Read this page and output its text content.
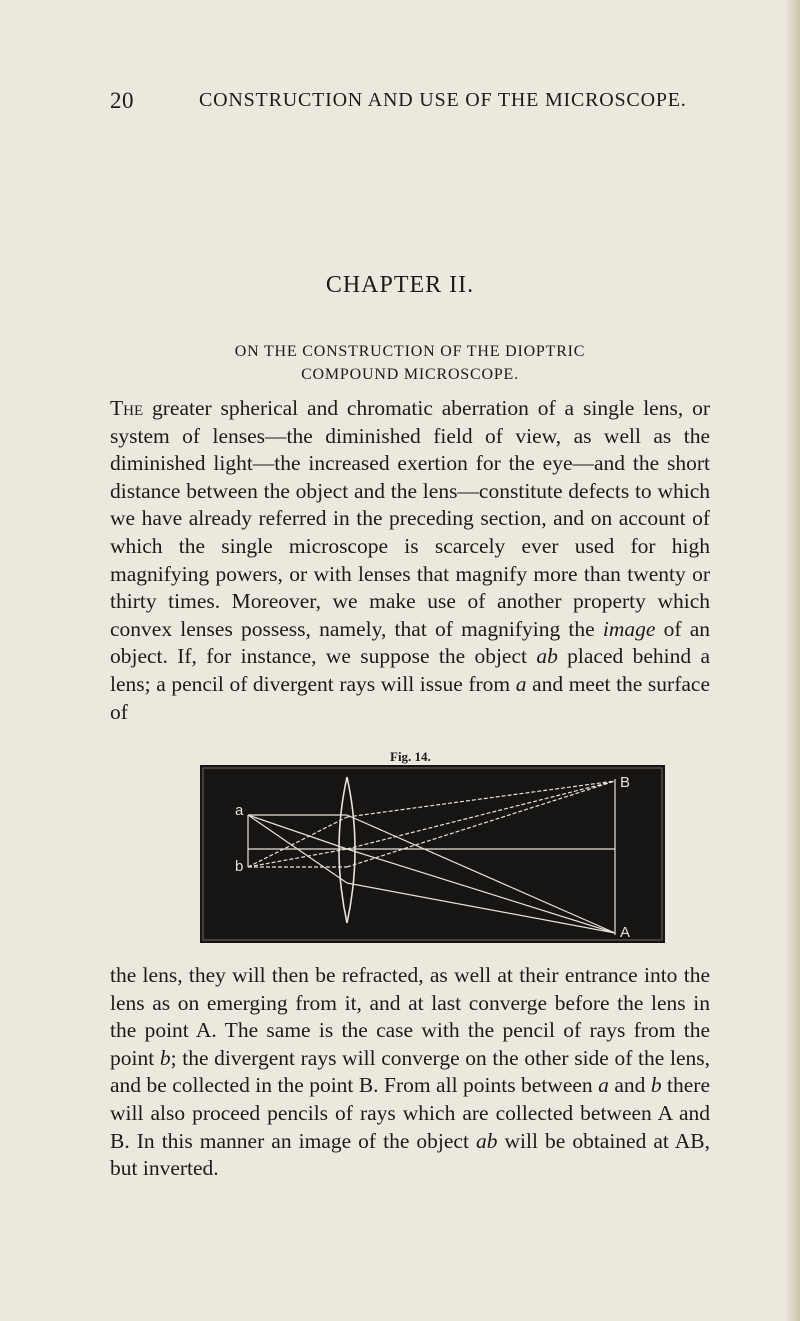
20	CONSTRUCTION AND USE OF THE MICROSCOPE.
CHAPTER II.
ON THE CONSTRUCTION OF THE DIOPTRIC COMPOUND MICROSCOPE.

The greater spherical and chromatic aberration of a single lens, or system of lenses—the diminished field of view, as well as the diminished light—the increased exertion for the eye—and the short distance between the object and the lens—constitute defects to which we have already referred in the preceding section, and on account of which the single microscope is scarcely ever used for high magnifying powers, or with lenses that magnify more than twenty or thirty times. Moreover, we make use of another property which convex lenses possess, namely, that of magnifying the image of an object. If, for instance, we suppose the object ab placed behind a lens; a pencil of divergent rays will issue from a and meet the surface of

Fig. 14.
a
b
B
A

the lens, they will then be refracted, as well at their entrance into the lens as on emerging from it, and at last converge before the lens in the point A. The same is the case with the pencil of rays from the point b; the divergent rays will converge on the other side of the lens, and be collected in the point B. From all points between a and b there will also proceed pencils of rays which are collected between A and B. In this manner an image of the object ab will be obtained at AB, but inverted.
